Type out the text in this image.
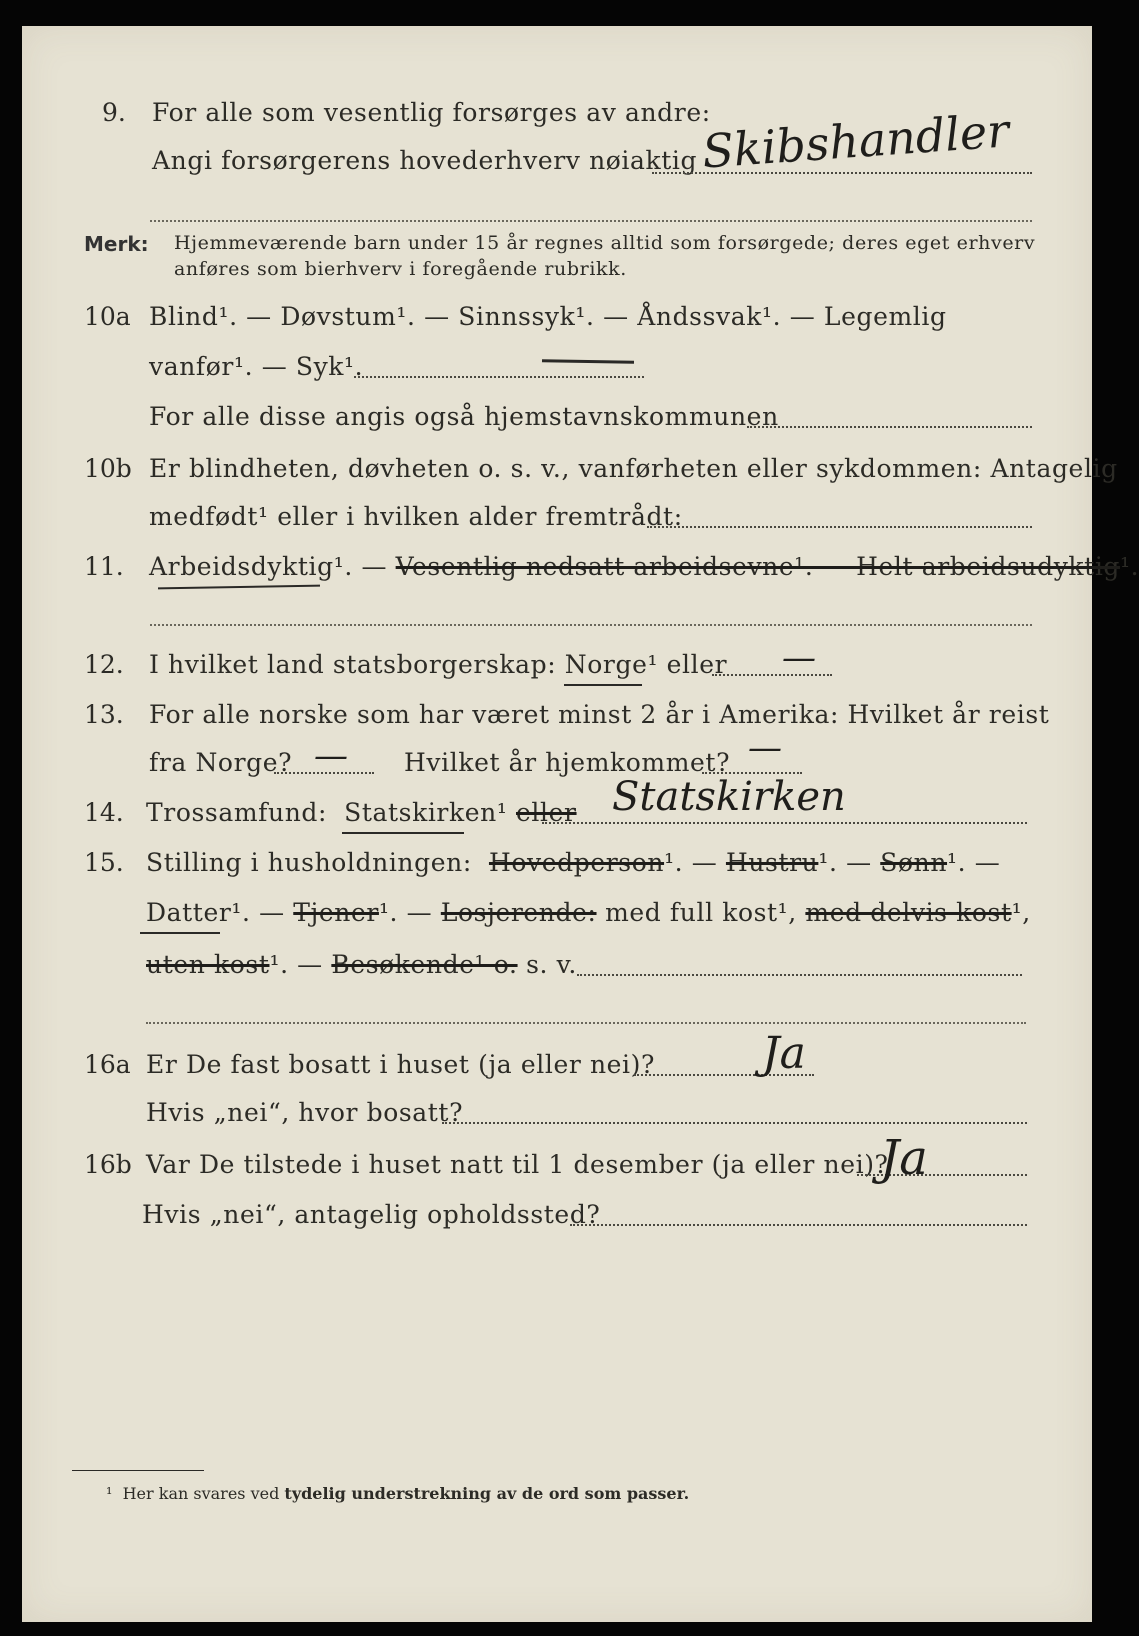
9. For alle som vesentlig forsørges av andre:
Angi forsørgerens hovederhverv nøiaktig Skibshandler
Merk: Hjemmeværende barn under 15 år regnes alltid som forsørgede; deres eget erhverv
anføres som bierhverv i foregående rubrikk.
10a Blind¹. — Døvstum¹. — Sinnssyk¹. — Åndssvak¹. — Legemlig
vanfør¹. — Syk¹.
For alle disse angis også hjemstavnskommunen
10b Er blindheten, døvheten o. s. v., vanførheten eller sykdommen: Antagelig
medfødt¹ eller i hvilken alder fremtrådt:
11. Arbeidsdyktig¹. — Vesentlig nedsatt arbeidsevne¹. — Helt arbeidsudyktig¹.
12. I hvilket land statsborgerskap: Norge¹ eller —
13. For alle norske som har været minst 2 år i Amerika: Hvilket år reist
fra Norge? — Hvilket år hjemkommet? —
14. Trossamfund: Statskirken¹ eller Statskirken
15. Stilling i husholdningen: Hovedperson¹. — Hustru¹. — Sønn¹. —
Datter¹. — Tjener¹. — Losjerende: med full kost¹, med delvis kost¹,
uten kost¹. — Besøkende¹ o. s. v.
16a Er De fast bosatt i huset (ja eller nei)? Ja
Hvis „nei“, hvor bosatt?
16b Var De tilstede i huset natt til 1 desember (ja eller nei)?
Ja
Hvis „nei“, antagelig opholdssted?
¹ Her kan svares ved tydelig understrekning av de ord som passer.
